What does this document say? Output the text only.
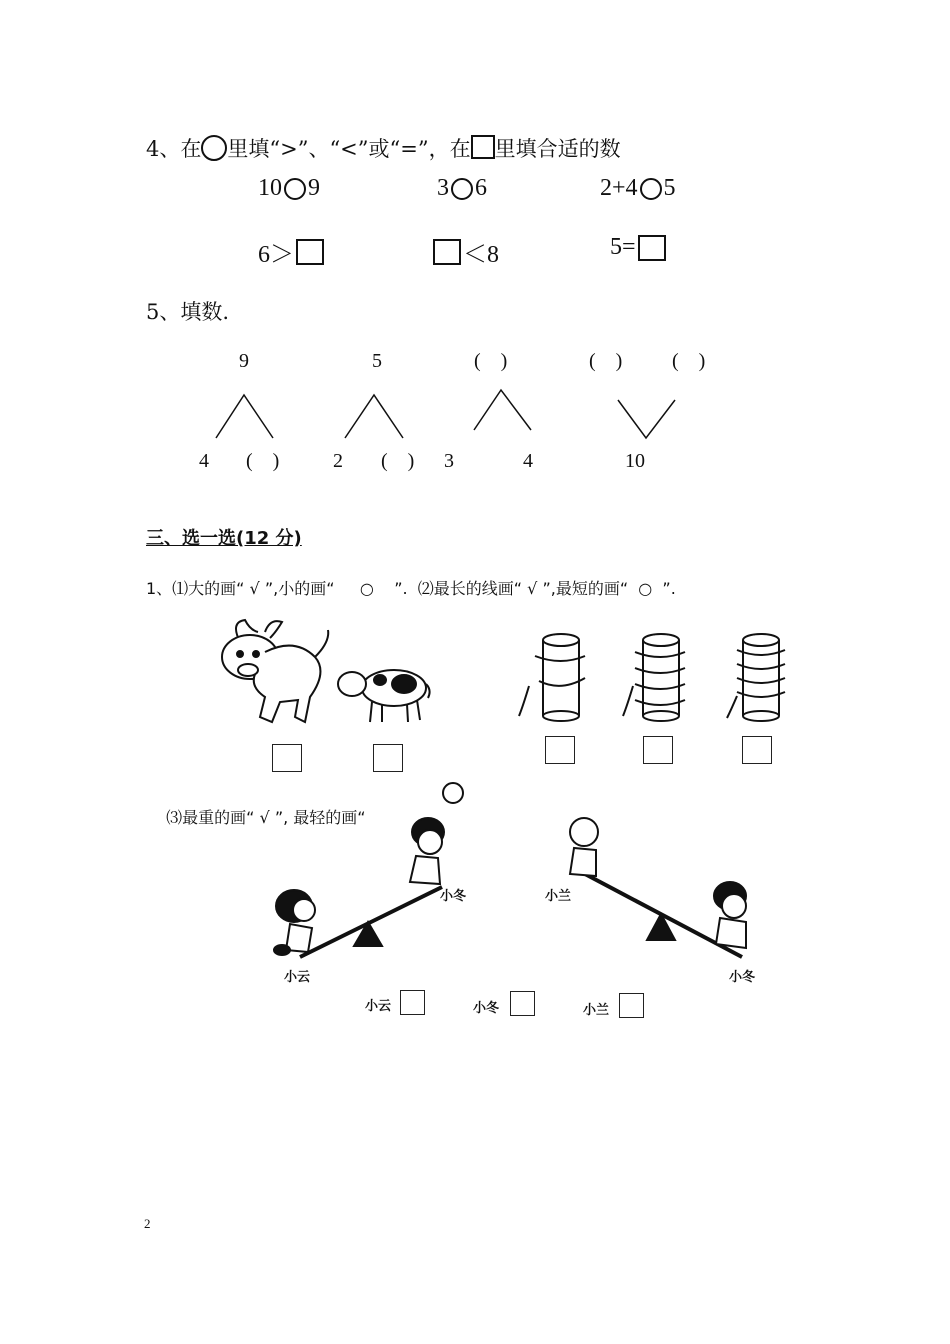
4、在 里填“>”、“<”或“=”，在 里填合适的数
10 9	3 6	2+4 5
6＞	＜8	5=
5、填数.
9
4 (    )
5
2 (    )
(    )
3	4
(    ) (    )
10
三、选一选(12 分)
1、⑴大的画“ √ ”,小的画“     ○    ”.  ⑵最长的线画“ √ ”,最短的画“  ○  ”.

⑶最重的画“ √ ”, 最轻的画“

小云
小冬	小兰
小冬
小云	小冬	小兰
2
